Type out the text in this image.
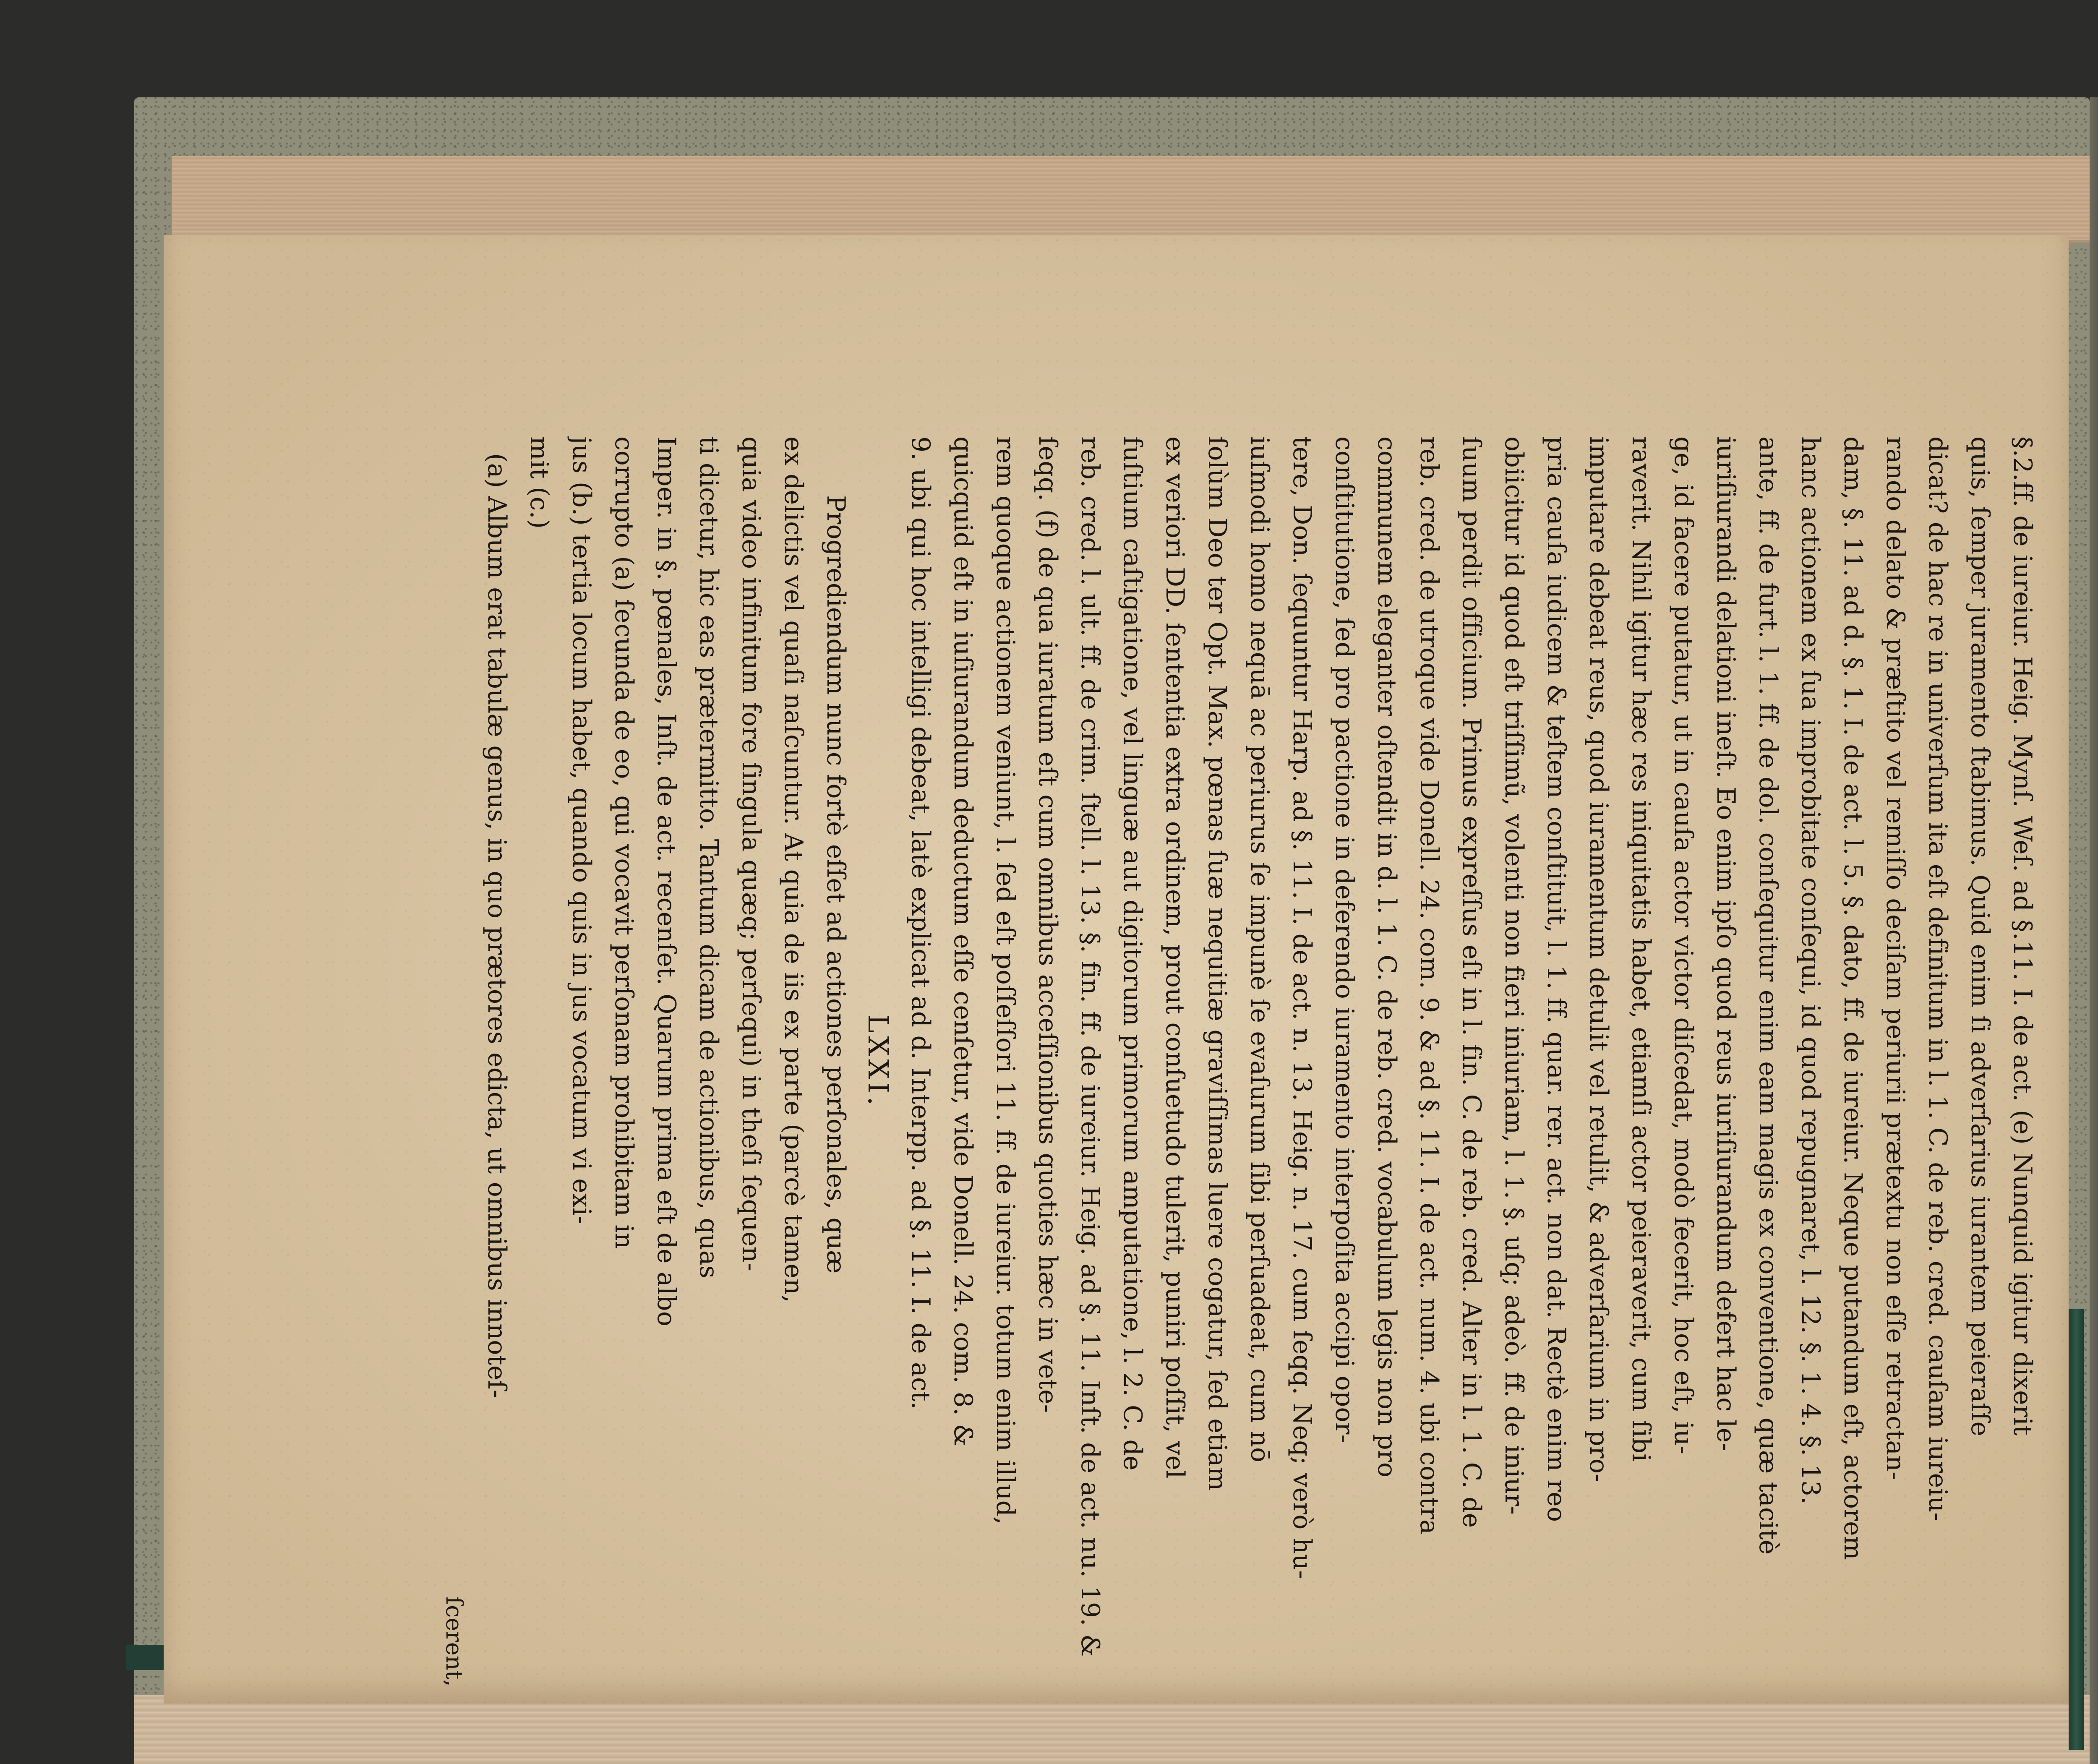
§.2.ff. de iureiur. Heig. Mynſ. Weſ. ad §.11. I. de act. (e) Nunquid igitur dixerit
quis, ſemper juramento ſtabimus. Quid enim ſi adverſarius iurantem peieraſſe
dicat? de hac re in univerſum ita eſt definitum in l. 1. C. de reb. cred. cauſam iureiu-
rando delato & præſtito vel remiſſo deciſam periurii prætextu non eſſe retractan-
dam, §. 11. ad d. §. 1. I. de act. l. 5. §. dato, ff. de iureiur. Neque putandum eſt, actorem
hanc actionem ex ſua improbitate conſequi, id quod repugnaret, l. 12. §. 1. 4. §. 13.
ante, ff. de furt. l. 1. ff. de dol. conſequitur enim eam magis ex conventione, quæ tacitè
iuriſiurandi delationi ineſt. Eo enim ipſo quod reus iuriſiurandum defert hac le-
ge, id facere putatur, ut in cauſa actor victor diſcedat, modò fecerit, hoc eſt, iu-
raverit. Nihil igitur hæc res iniquitatis habet, etiamſi actor peieraverit, cum ſibi
imputare debeat reus, quod iuramentum detulit vel retulit, & adverſarium in pro-
pria cauſa iudicem & teſtem conſtituit, l. 1. ff. quar. rer. act. non dat. Rectè enim reo
obiicitur id quod eſt triſſimũ, volenti non fieri iniuriam, l. 1. §. uſq; adeò. ff. de iniur-
ſuum perdit officium. Primus expreſſus eſt in l. fin. C. de reb. cred. Alter in l. 1. C. de
reb. cred. de utroque vide Donell. 24. com. 9. & ad §. 11. I. de act. num. 4. ubi contra
communem eleganter oſtendit in d. l. 1. C. de reb. cred. vocabulum legis non pro
conſtitutione, ſed pro pactione in deferendo iuramento interpoſita accipi opor-
tere, Don. ſequuntur Harp. ad §. 11. I. de act. n. 13. Heig. n. 17. cum ſeqq. Neq; verò hu-
iuſmodi homo nequā ac periurus ſe impunè ſe evaſurum ſibi perſuadeat, cum nō
ſolùm Deo ter Opt. Max. pœnas ſuæ nequitiæ graviſſimas luere cogatur, ſed etiam
ex veriori DD. ſententia extra ordinem, prout conſuetudo tulerit, puniri poſſit, vel
fuſtium caſtigatione, vel linguæ aut digitorum primorum amputatione, l. 2. C. de
reb. cred. l. ult. ff. de crim. ſtell. l. 13. §. fin. ff. de iureiur. Heig. ad §. 11. Inſt. de act. nu. 19. &
ſeqq. (f) de qua iuratum eſt cum omnibus acceſſionibus quoties hæc in vete-
rem quoque actionem veniunt, l. ſed eſt poſſeſſori 11. ff. de iureiur. totum enim illud,
quicquid eſt in iuſiurandum deductum eſſe cenſetur, vide Donell. 24. com. 8. &
9. ubi qui hoc intelligi debeat, latè explicat ad d. Interpp. ad §. 11. I. de act.
LXXI.
Progrediendum nunc fortè eſſet ad actiones perſonales, quæ
ex delictis vel quaſi naſcuntur. At quia de iis ex parte (parcè tamen,
quia video infinitum fore ſingula quæq; perſequi) in theſi ſequen-
ti dicetur, hic eas prætermitto. Tantum dicam de actionibus, quas
Imper. in §. pœnales, Inſt. de act. recenſet. Quarum prima eſt de albo
corrupto (a) ſecunda de eo, qui vocavit perſonam prohibitam in
jus (b.) tertia locum habet, quando quis in jus vocatum vi exi-
mit (c.)
(a) Album erat tabulæ genus, in quo prætores edicta, ut omnibus innoteſ-
ſcerent,
